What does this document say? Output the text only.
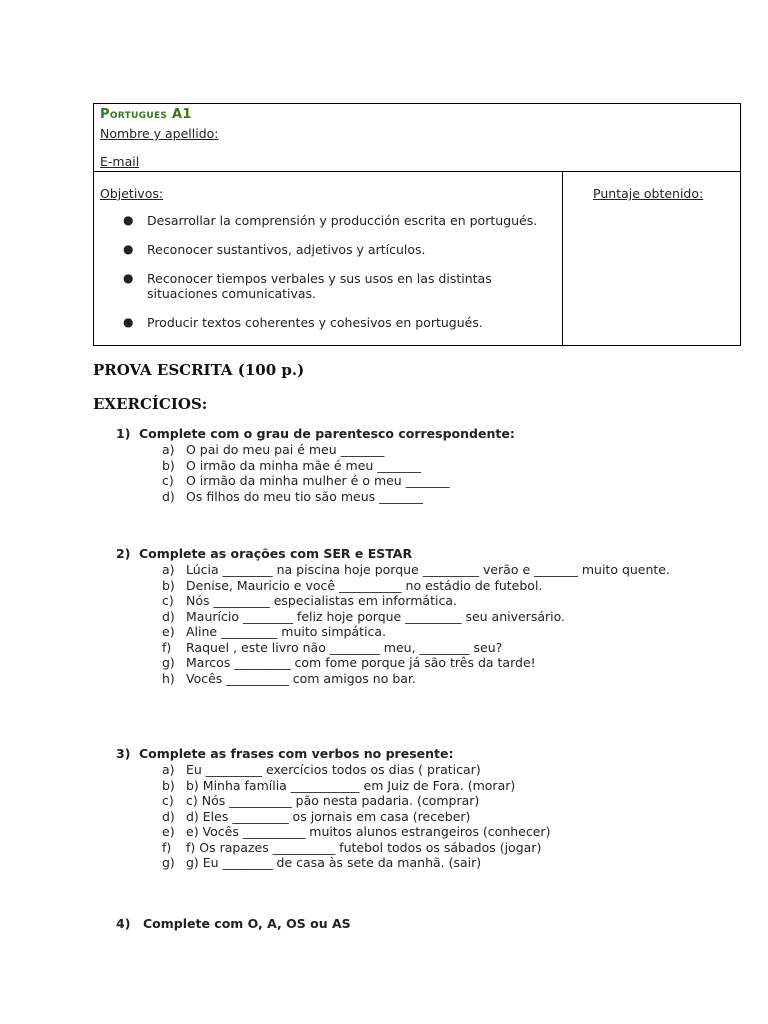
Portugues A1
Nombre y apellido:
E-mail
Objetivos:
● Desarrollar la comprensión y producción escrita en portugués.
● Reconocer sustantivos, adjetivos y artículos.
● Reconocer tiempos verbales y sus usos en las distintas situaciones comunicativas.
● Producir textos coherentes y cohesivos en portugués.
Puntaje obtenido:
PROVA ESCRITA (100 p.)
EXERCÍCIOS:
1) Complete com o grau de parentesco correspondente:
a) O pai do meu pai é meu _______
b) O irmão da minha mãe é meu _______
c) O irmão da minha mulher é o meu _______
d) Os filhos do meu tio são meus _______
2) Complete as orações com SER e ESTAR
a) Lúcia ________ na piscina hoje porque _________ verão e _______ muito quente.
b) Denise, Mauricio e você __________ no estádio de futebol.
c) Nós _________ especialistas em informática.
d) Maurício ________ feliz hoje porque _________ seu aniversário.
e) Aline _________ muito simpática.
f) Raquel , este livro não ________ meu, ________ seu?
g) Marcos _________ com fome porque já são três da tarde!
h) Vocês __________ com amigos no bar.
3) Complete as frases com verbos no presente:
a) Eu _________ exercícios todos os dias ( praticar)
b) b) Minha família ___________ em Juiz de Fora. (morar)
c) c) Nós __________ pão nesta padaria. (comprar)
d) d) Eles _________ os jornais em casa (receber)
e) e) Vocês __________ muitos alunos estrangeiros (conhecer)
f) f) Os rapazes __________ futebol todos os sábados (jogar)
g) g) Eu ________ de casa às sete da manhã. (sair)
4) Complete com O, A, OS ou AS
